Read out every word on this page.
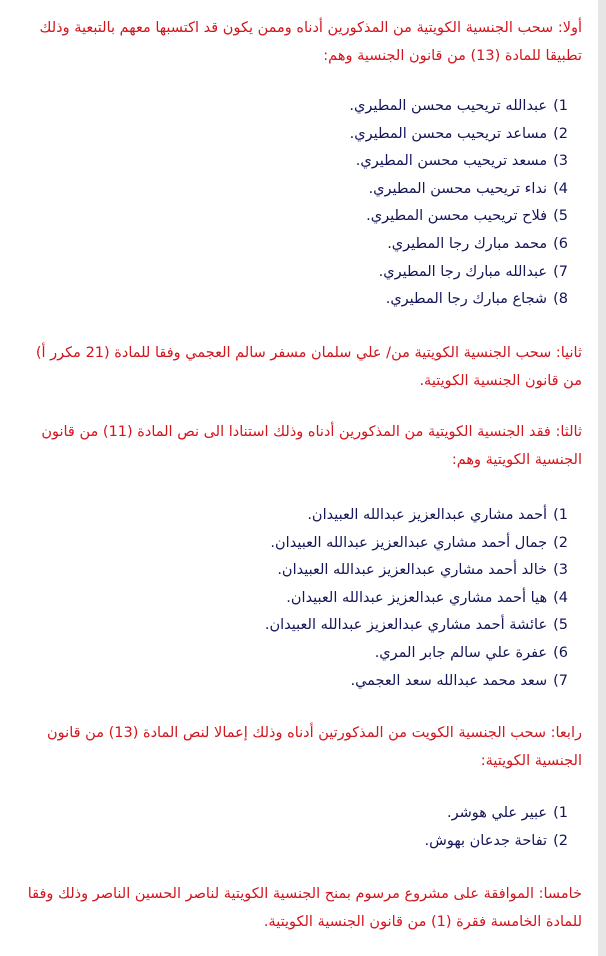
أولا: سحب الجنسية الكويتية من المذكورين أدناه وممن يكون قد اكتسبها معهم بالتبعية وذلك تطبيقا للمادة (13) من قانون الجنسية وهم:

1)عبدالله تريحيب محسن المطيري.
2)مساعد تريحيب محسن المطيري.
3)مسعد تريحيب محسن المطيري.
4)نداء تريحيب محسن المطيري.
5)فلاح تريحيب محسن المطيري.
6)محمد مبارك رجا المطيري.
7)عبدالله مبارك رجا المطيري.
8)شجاع مبارك رجا المطيري.

ثانيا: سحب الجنسية الكويتية من/ علي سلمان مسفر سالم العجمي وفقا للمادة (21 مكرر أ) من قانون الجنسية الكويتية.

ثالثا: فقد الجنسية الكويتية من المذكورين أدناه وذلك استنادا الى نص المادة (11) من قانون الجنسية الكويتية وهم:

1)أحمد مشاري عبدالعزيز عبدالله العبيدان.
2)جمال أحمد مشاري عبدالعزيز عبدالله العبيدان.
3)خالد أحمد مشاري عبدالعزيز عبدالله العبيدان.
4)هيا أحمد مشاري عبدالعزيز عبدالله العبيدان.
5)عائشة أحمد مشاري عبدالعزيز عبدالله العبيدان.
6)عفرة علي سالم جابر المري.
7)سعد محمد عبدالله سعد العجمي.

رابعا: سحب الجنسية الكويت من المذكورتين أدناه وذلك إعمالا لنص المادة (13) من قانون الجنسية الكويتية:

1)عبير علي هوشر.
2)تفاحة جدعان بهوش.

خامسا: الموافقة على مشروع مرسوم بمنح الجنسية الكويتية لناصر الحسين الناصر وذلك وفقا للمادة الخامسة فقرة (1) من قانون الجنسية الكويتية.
